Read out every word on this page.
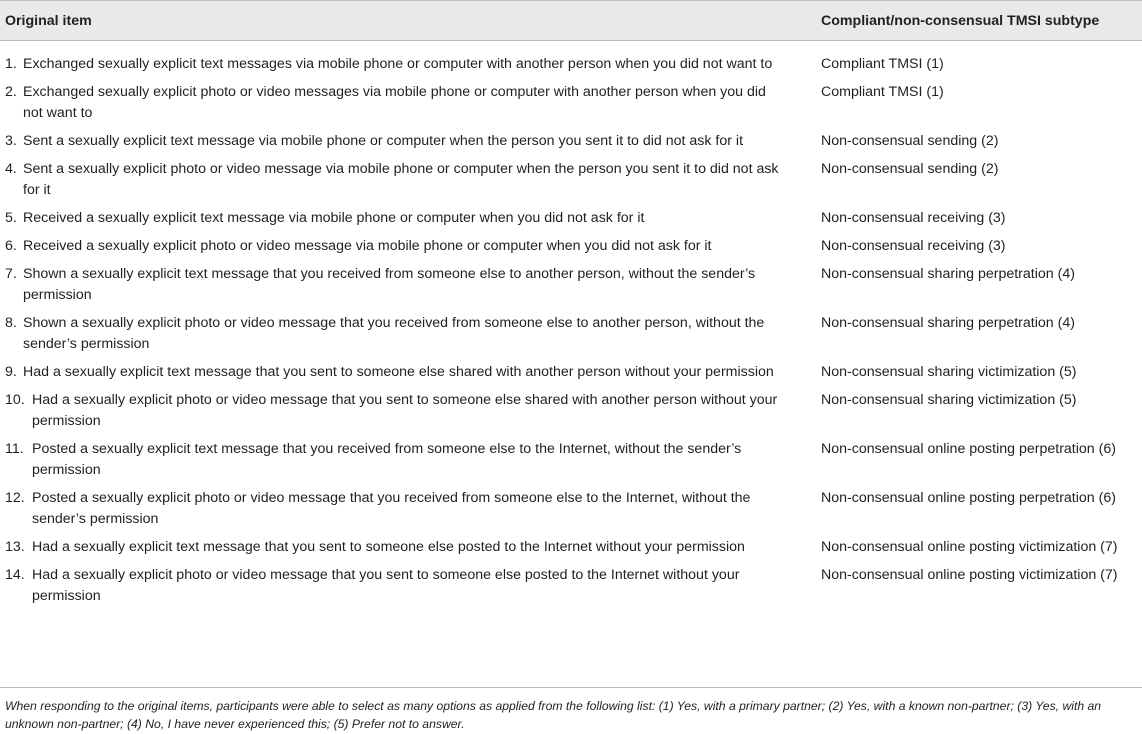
Original item	Compliant/non-consensual TMSI subtype

1. Exchanged sexually explicit text messages via mobile phone or computer with another person when you did not want to	Compliant TMSI (1)

2. Exchanged sexually explicit photo or video messages via mobile phone or computer with another person when you did not want to	Compliant TMSI (1)

3. Sent a sexually explicit text message via mobile phone or computer when the person you sent it to did not ask for it	Non-consensual sending (2)

4. Sent a sexually explicit photo or video message via mobile phone or computer when the person you sent it to did not ask for it	Non-consensual sending (2)

5. Received a sexually explicit text message via mobile phone or computer when you did not ask for it	Non-consensual receiving (3)

6. Received a sexually explicit photo or video message via mobile phone or computer when you did not ask for it	Non-consensual receiving (3)

7. Shown a sexually explicit text message that you received from someone else to another person, without the sender’s permission	Non-consensual sharing perpetration (4)

8. Shown a sexually explicit photo or video message that you received from someone else to another person, without the sender’s permission	Non-consensual sharing perpetration (4)

9. Had a sexually explicit text message that you sent to someone else shared with another person without your permission	Non-consensual sharing victimization (5)

10. Had a sexually explicit photo or video message that you sent to someone else shared with another person without your permission	Non-consensual sharing victimization (5)

11. Posted a sexually explicit text message that you received from someone else to the Internet, without the sender’s permission	Non-consensual online posting perpetration (6)

12. Posted a sexually explicit photo or video message that you received from someone else to the Internet, without the sender’s permission	Non-consensual online posting perpetration (6)

13. Had a sexually explicit text message that you sent to someone else posted to the Internet without your permission	Non-consensual online posting victimization (7)

14. Had a sexually explicit photo or video message that you sent to someone else posted to the Internet without your permission	Non-consensual online posting victimization (7)
When responding to the original items, participants were able to select as many options as applied from the following list: (1) Yes, with a primary partner; (2) Yes, with a known non-partner; (3) Yes, with an unknown non-partner; (4) No, I have never experienced this; (5) Prefer not to answer.
